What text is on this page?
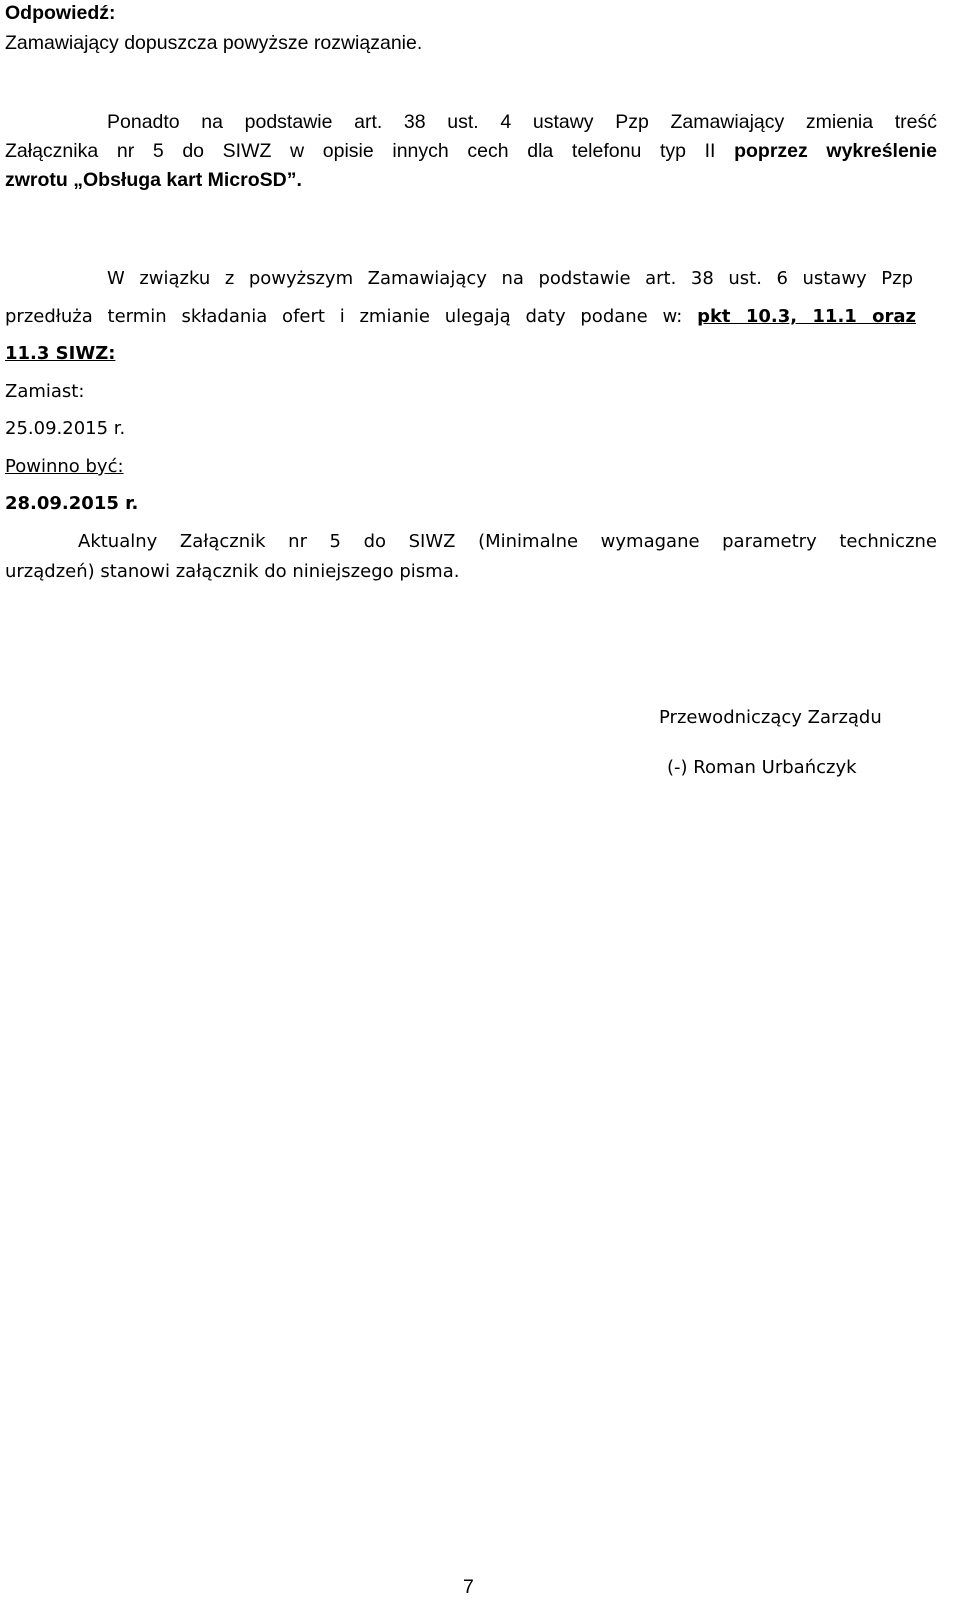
Odpowiedź:

Zamawiający dopuszcza powyższe rozwiązanie.

Ponadto na podstawie art. 38 ust. 4 ustawy Pzp Zamawiający zmienia treść

Załącznika nr 5 do SIWZ w opisie innych cech dla telefonu typ II poprzez wykreślenie

zwrotu „Obsługa kart MicroSD”.

W związku z powyższym Zamawiający na podstawie art. 38 ust. 6 ustawy Pzp

przedłuża termin składania ofert i zmianie ulegają daty podane w: pkt 10.3, 11.1 oraz

11.3 SIWZ:

Zamiast:

25.09.2015 r.

Powinno być:

28.09.2015 r.

Aktualny Załącznik nr 5 do SIWZ (Minimalne wymagane parametry techniczne

urządzeń) stanowi załącznik do niniejszego pisma.

Przewodniczący Zarządu

(-) Roman Urbańczyk

7
